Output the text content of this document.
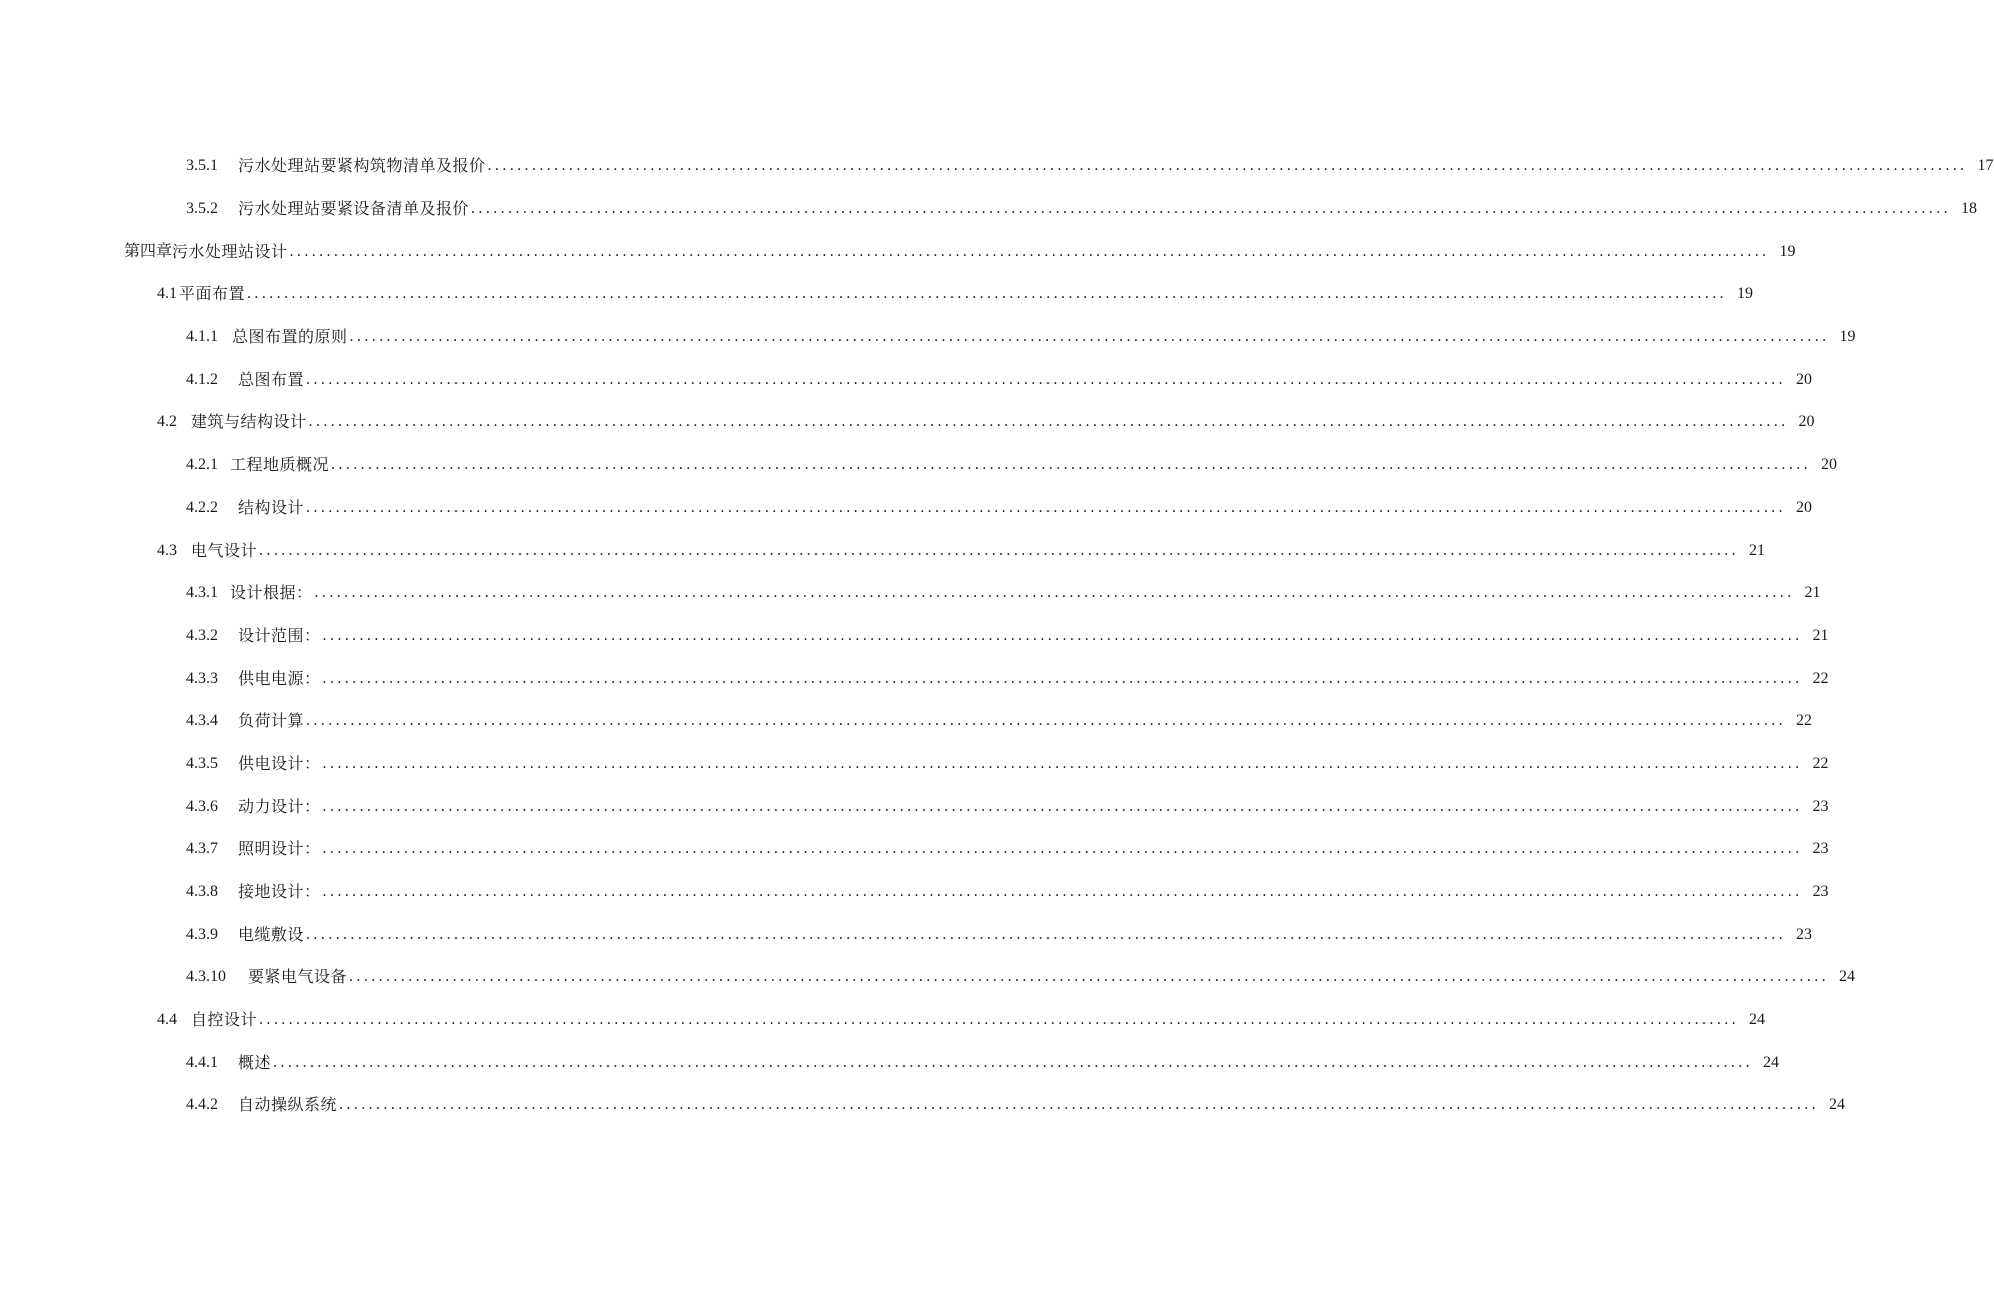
3.5.1 污水处理站要紧构筑物清单及报价 ........................................................................................................................................................................................................ 17
3.5.2 污水处理站要紧设备清单及报价 ........................................................................................................................................................................................................ 18
第四章 污水处理站设计 ........................................................................................................................................................................................................ 19
4.1 平面布置 ........................................................................................................................................................................................................ 19
4.1.1 总图布置的原则 ........................................................................................................................................................................................................ 19
4.1.2 总图布置 ........................................................................................................................................................................................................ 20
4.2 建筑与结构设计 ........................................................................................................................................................................................................ 20
4.2.1 工程地质概况 ........................................................................................................................................................................................................ 20
4.2.2 结构设计 ........................................................................................................................................................................................................ 20
4.3 电气设计 ........................................................................................................................................................................................................ 21
4.3.1 设计根据： ........................................................................................................................................................................................................ 21
4.3.2 设计范围： ........................................................................................................................................................................................................ 21
4.3.3 供电电源： ........................................................................................................................................................................................................ 22
4.3.4 负荷计算 ........................................................................................................................................................................................................ 22
4.3.5 供电设计： ........................................................................................................................................................................................................ 22
4.3.6 动力设计： ........................................................................................................................................................................................................ 23
4.3.7 照明设计： ........................................................................................................................................................................................................ 23
4.3.8 接地设计： ........................................................................................................................................................................................................ 23
4.3.9 电缆敷设 ........................................................................................................................................................................................................ 23
4.3.10 要紧电气设备 ........................................................................................................................................................................................................ 24
4.4 自控设计 ........................................................................................................................................................................................................ 24
4.4.1 概述 ........................................................................................................................................................................................................ 24
4.4.2 自动操纵系统 ........................................................................................................................................................................................................ 24
